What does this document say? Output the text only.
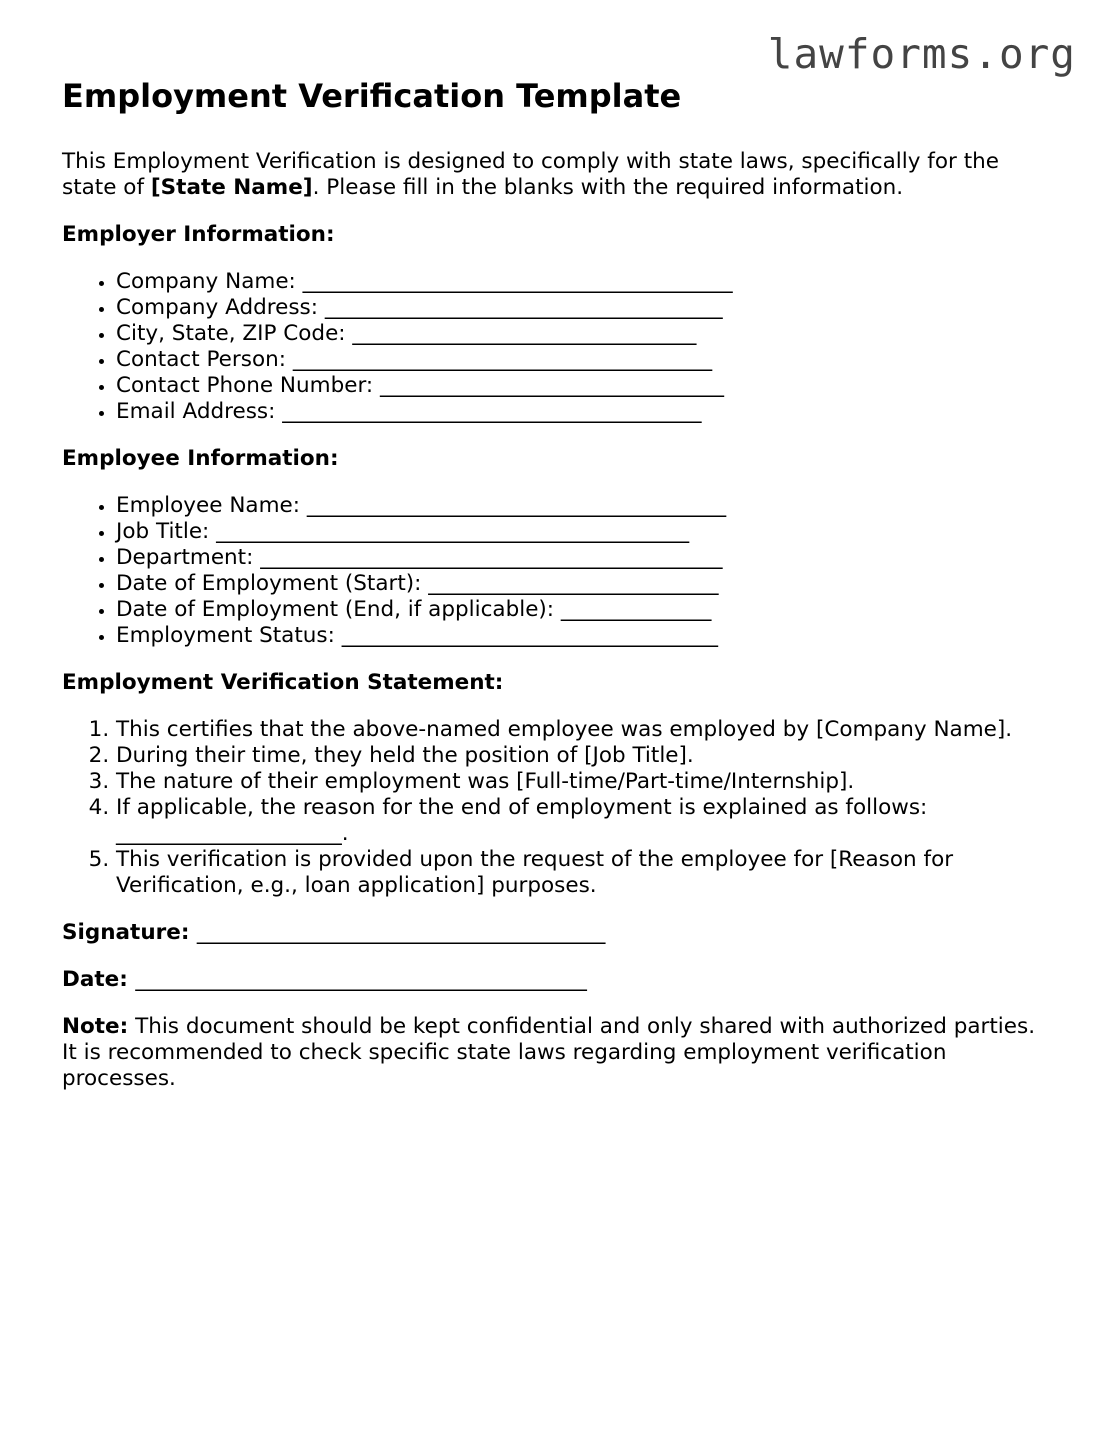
lawforms.org
Employment Verification Template

This Employment Verification is designed to comply with state laws, specifically for the state of [State Name]. Please fill in the blanks with the required information.

Employer Information:
• Company Name: ________________________________________
• Company Address: _____________________________________
• City, State, ZIP Code: ________________________________
• Contact Person: _______________________________________
• Contact Phone Number: ________________________________
• Email Address: _______________________________________
Employee Information:
• Employee Name: _______________________________________
• Job Title: ____________________________________________
• Department: ___________________________________________
• Date of Employment (Start): ___________________________
• Date of Employment (End, if applicable): ______________
• Employment Status: ___________________________________
Employment Verification Statement:
1. This certifies that the above-named employee was employed by [Company Name].
2. During their time, they held the position of [Job Title].
3. The nature of their employment was [Full-time/Part-time/Internship].
4. If applicable, the reason for the end of employment is explained as follows: _____________________.
5. This verification is provided upon the request of the employee for [Reason for Verification, e.g., loan application] purposes.
Signature: ______________________________________
Date: __________________________________________

Note: This document should be kept confidential and only shared with authorized parties. It is recommended to check specific state laws regarding employment verification processes.
